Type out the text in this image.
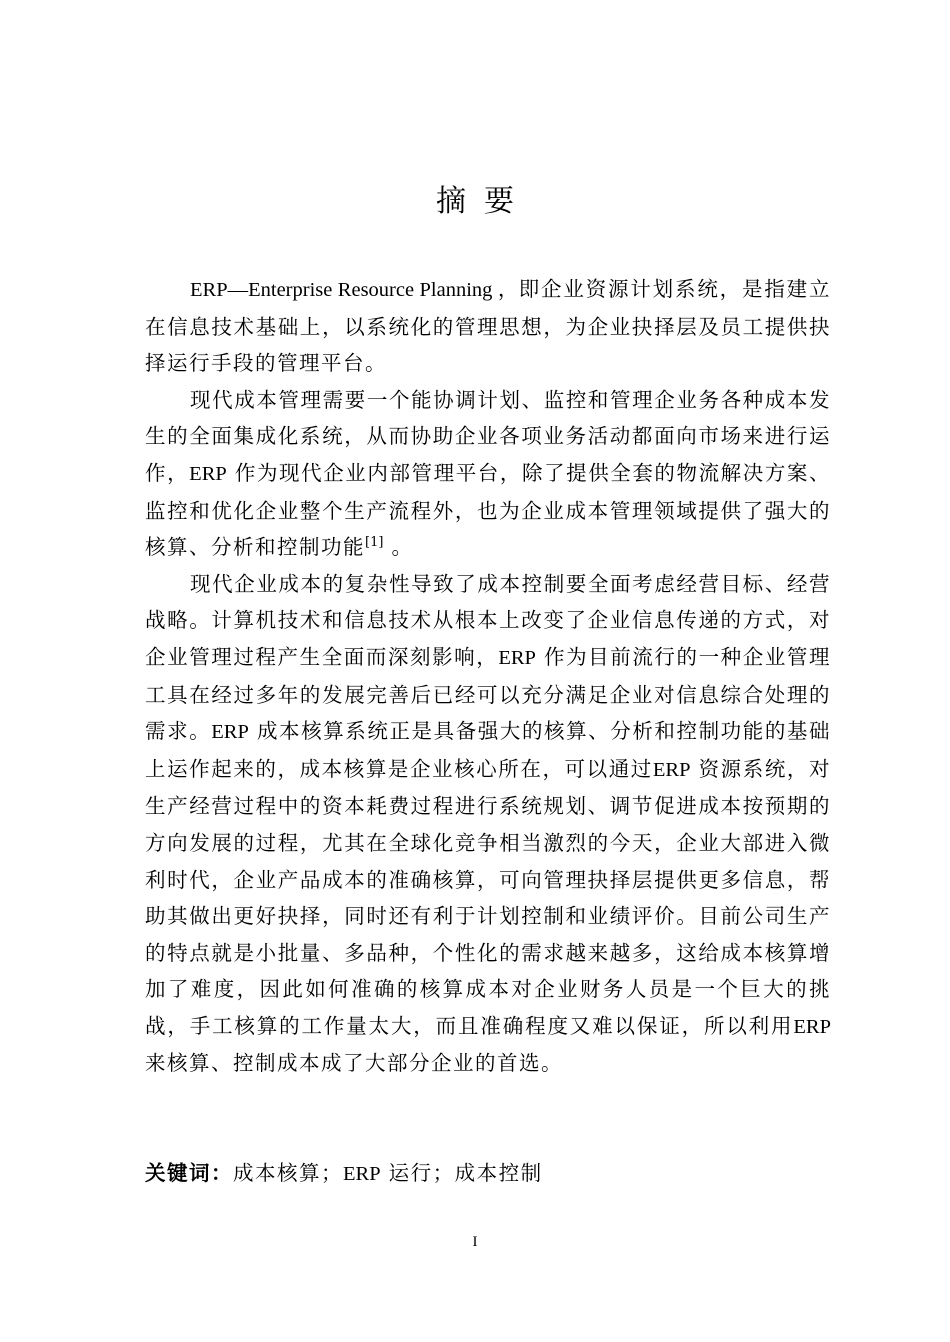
摘要

ERP—Enterprise Resource Planning ，即企业资源计划系统，是指建立在信息技术基础上，以系统化的管理思想，为企业抉择层及员工提供抉择运行手段的管理平台。

现代成本管理需要一个能协调计划、监控和管理企业务各种成本发生的全面集成化系统，从而协助企业各项业务活动都面向市场来进行运作，ERP 作为现代企业内部管理平台，除了提供全套的物流解决方案、监控和优化企业整个生产流程外，也为企业成本管理领域提供了强大的核算、分析和控制功能[1] 。

现代企业成本的复杂性导致了成本控制要全面考虑经营目标、经营战略。计算机技术和信息技术从根本上改变了企业信息传递的方式，对企业管理过程产生全面而深刻影响，ERP 作为目前流行的一种企业管理工具在经过多年的发展完善后已经可以充分满足企业对信息综合处理的需求。ERP 成本核算系统正是具备强大的核算、分析和控制功能的基础上运作起来的，成本核算是企业核心所在，可以通过ERP 资源系统，对生产经营过程中的资本耗费过程进行系统规划、调节促进成本按预期的方向发展的过程，尤其在全球化竞争相当激烈的今天，企业大部进入微利时代，企业产品成本的准确核算，可向管理抉择层提供更多信息，帮助其做出更好抉择，同时还有利于计划控制和业绩评价。目前公司生产的特点就是小批量、多品种，个性化的需求越来越多，这给成本核算增加了难度，因此如何准确的核算成本对企业财务人员是一个巨大的挑战，手工核算的工作量太大，而且准确程度又难以保证，所以利用ERP 来核算、控制成本成了大部分企业的首选。

关键词：成本核算；ERP 运行；成本控制
I
